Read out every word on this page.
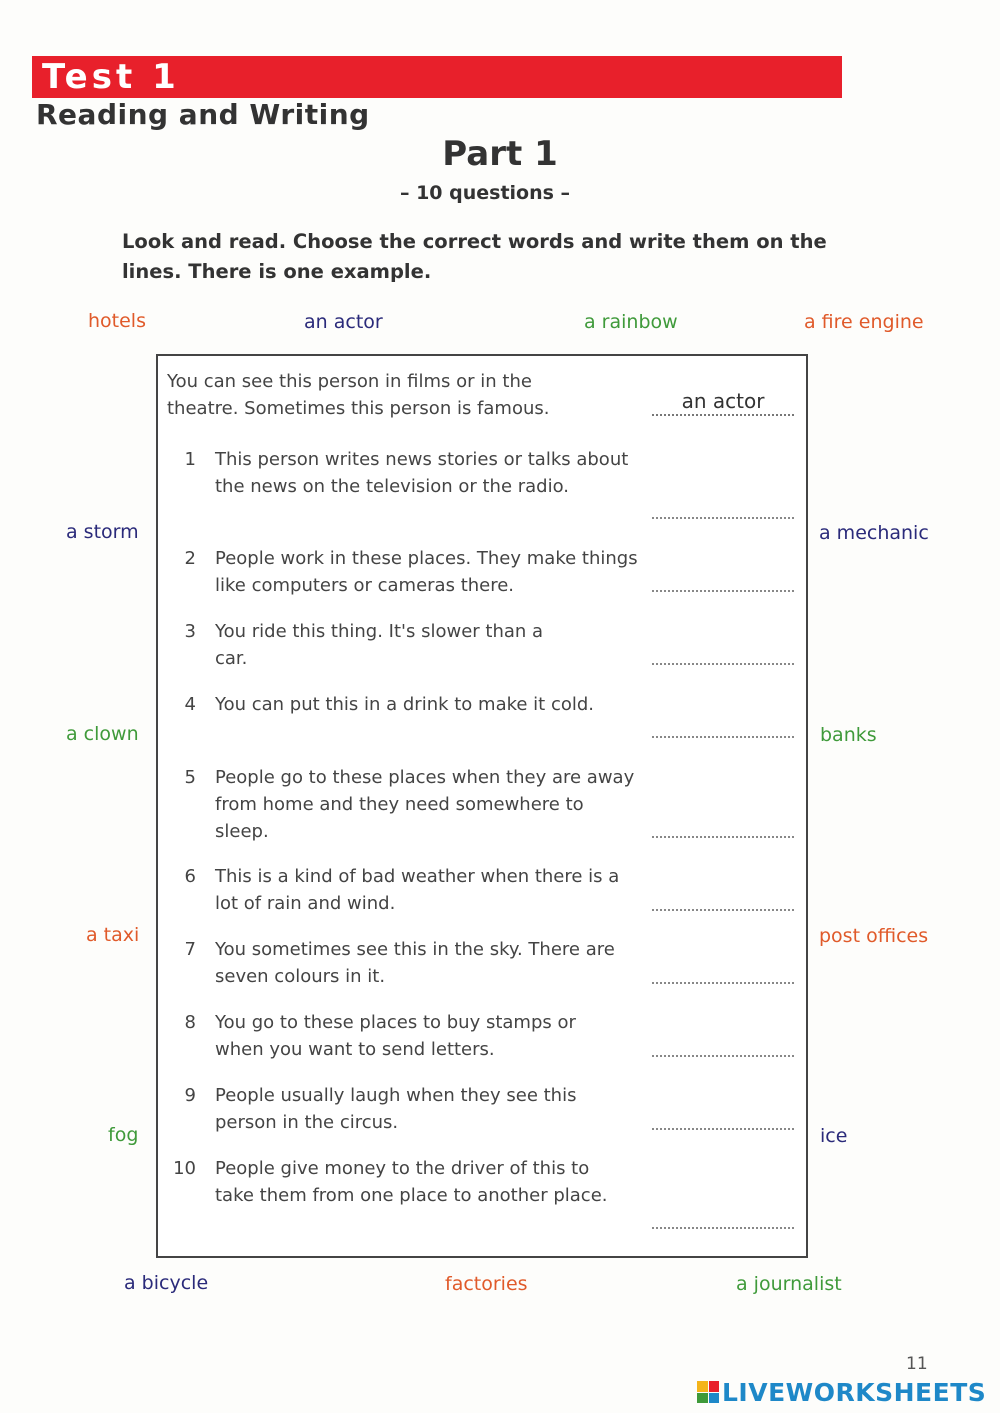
Test 1
Reading and Writing
Part 1
– 10 questions –
Look and read. Choose the correct words and write them on the lines. There is one example.
hotels	an actor	a rainbow	a fire engine
a storm	a mechanic
a clown	banks
a taxi	post offices
fog	ice
a bicycle	factories	a journalist
You can see this person in films or in the theatre. Sometimes this person is famous.	an actor
1 This person writes news stories or talks about the news on the television or the radio.
2 People work in these places. They make things like computers or cameras there.
3 You ride this thing. It's slower than a car.
4 You can put this in a drink to make it cold.
5 People go to these places when they are away from home and they need somewhere to sleep.
6 This is a kind of bad weather when there is a lot of rain and wind.
7 You sometimes see this in the sky. There are seven colours in it.
8 You go to these places to buy stamps or when you want to send letters.
9 People usually laugh when they see this person in the circus.
10 People give money to the driver of this to take them from one place to another place.
11
LIVEWORKSHEETS
